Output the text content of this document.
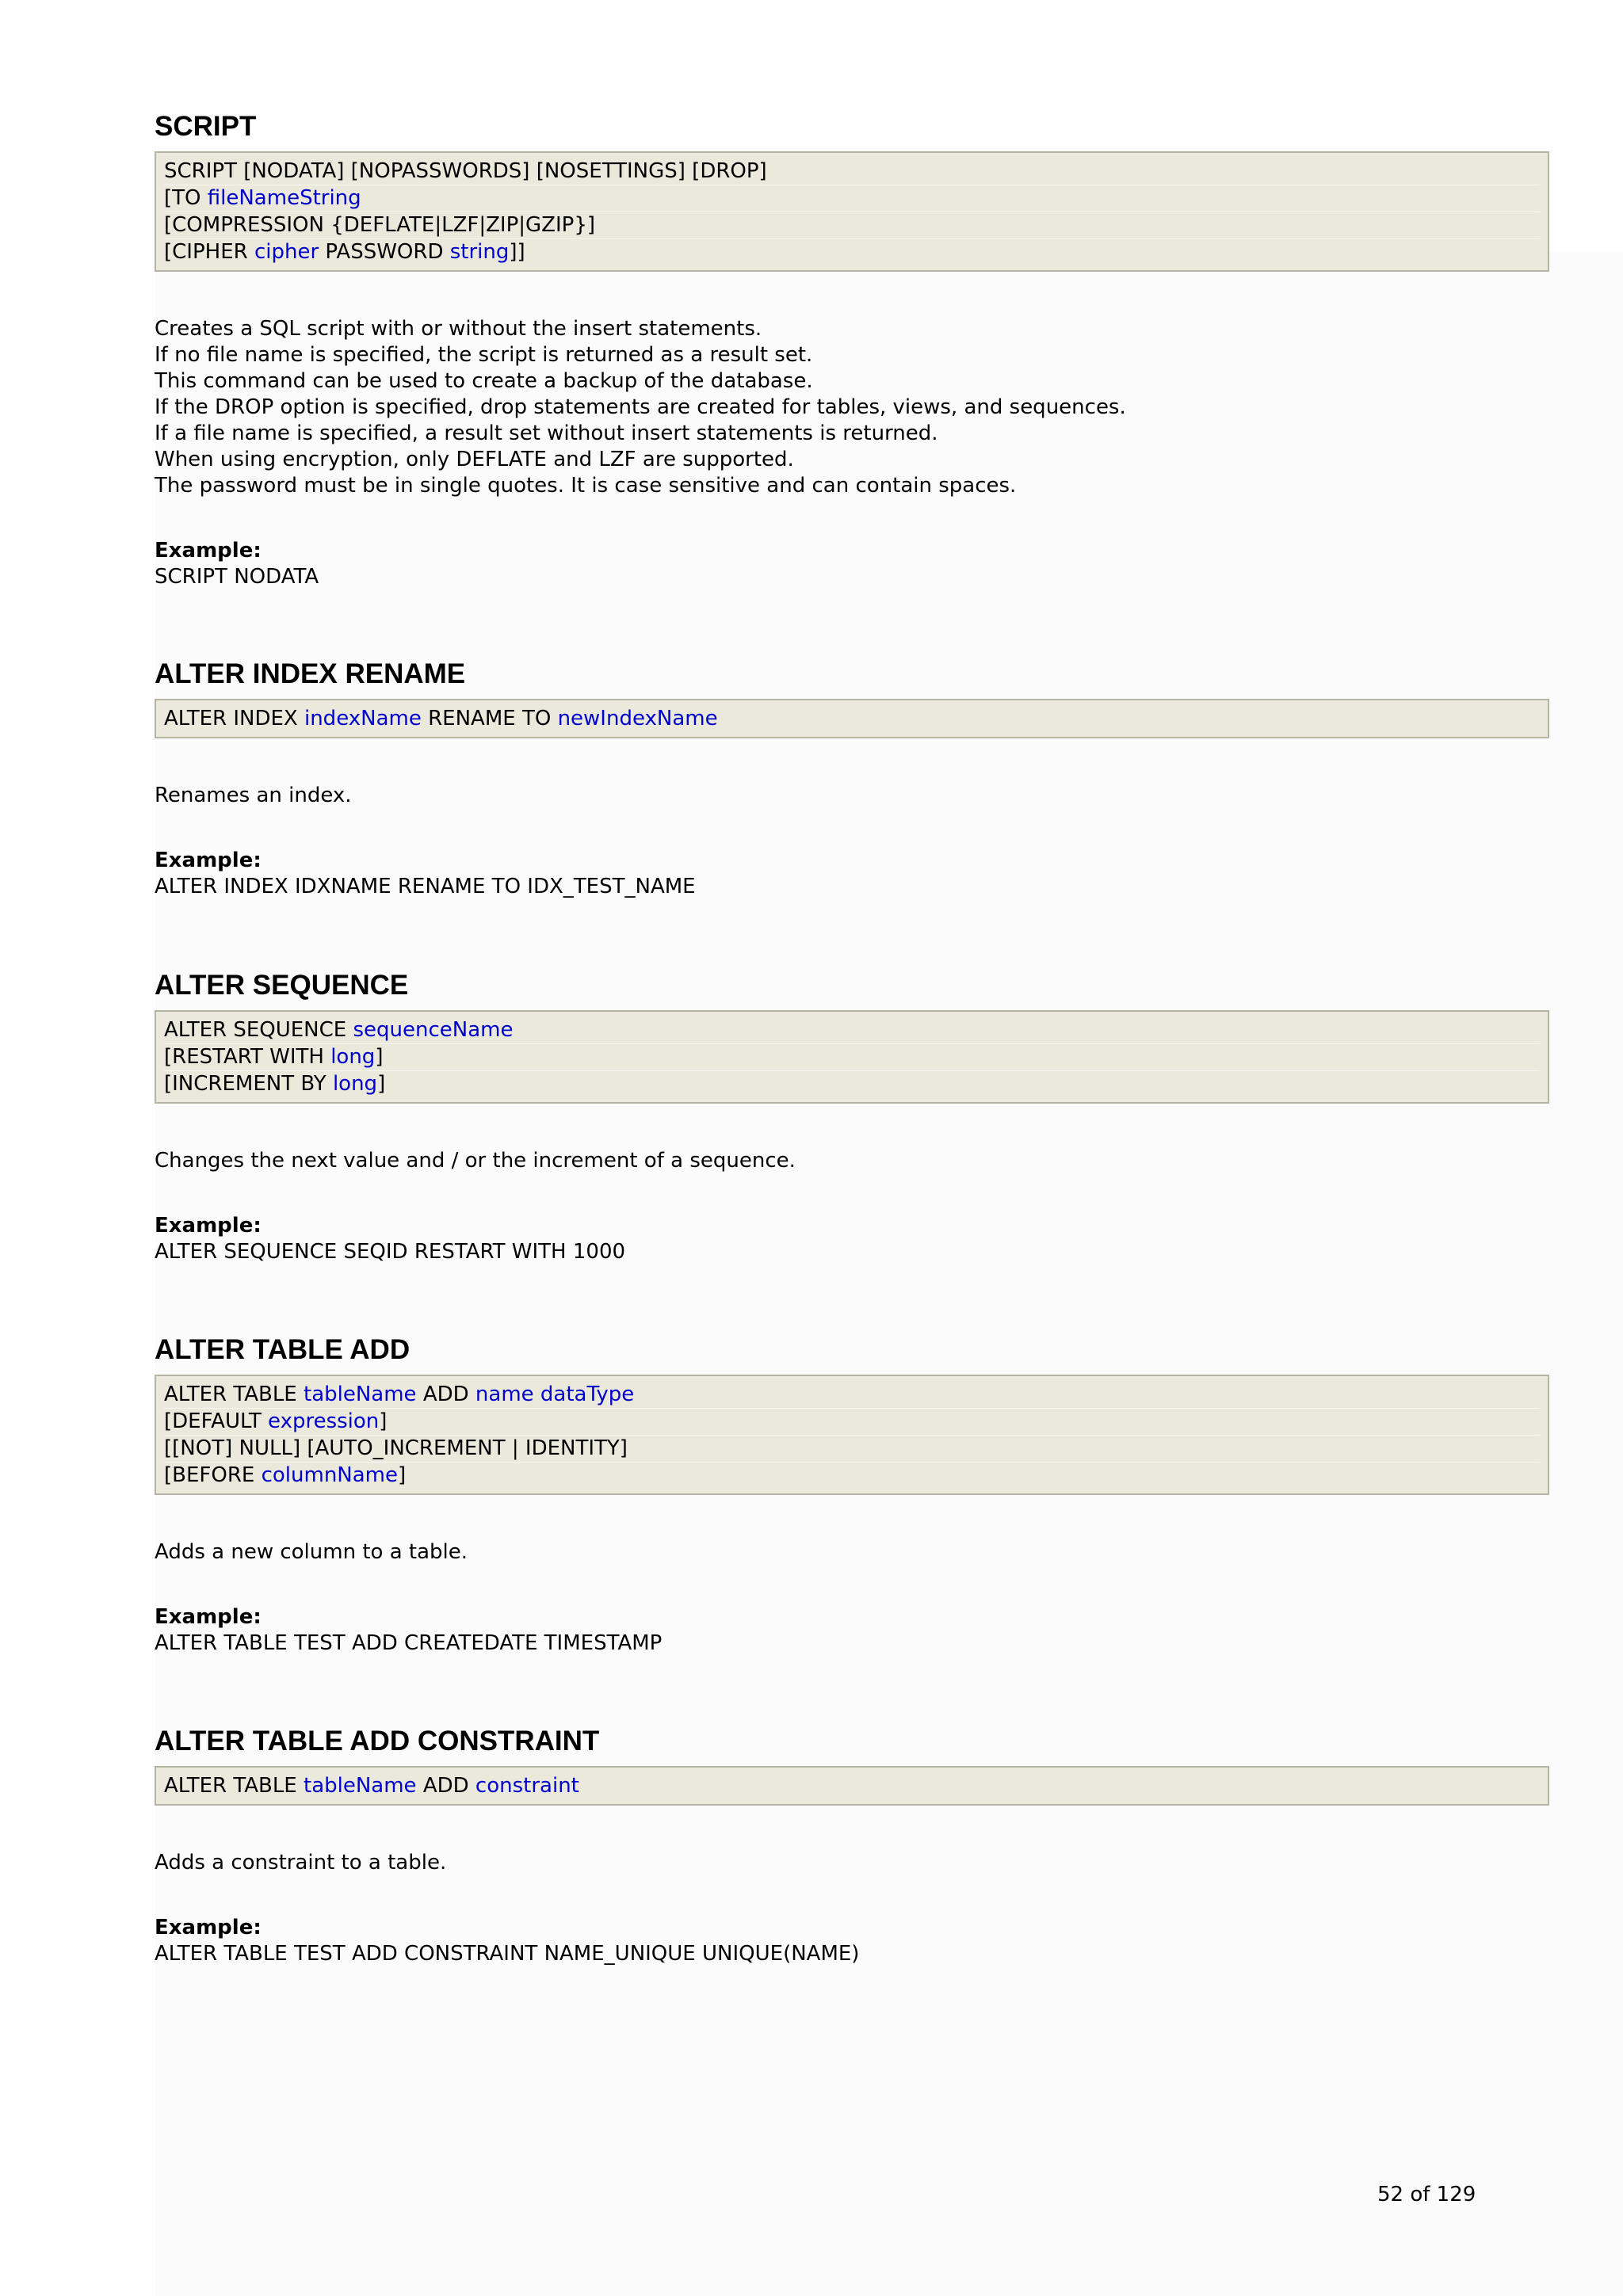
SCRIPT
SCRIPT [NODATA] [NOPASSWORDS] [NOSETTINGS] [DROP]
[TO fileNameString
[COMPRESSION {DEFLATE|LZF|ZIP|GZIP}]
[CIPHER cipher PASSWORD string]]
Creates a SQL script with or without the insert statements.
If no file name is specified, the script is returned as a result set.
This command can be used to create a backup of the database.
If the DROP option is specified, drop statements are created for tables, views, and sequences.
If a file name is specified, a result set without insert statements is returned.
When using encryption, only DEFLATE and LZF are supported.
The password must be in single quotes. It is case sensitive and can contain spaces.
Example:
SCRIPT NODATA
ALTER INDEX RENAME
ALTER INDEX indexName RENAME TO newIndexName
Renames an index.
Example:
ALTER INDEX IDXNAME RENAME TO IDX_TEST_NAME
ALTER SEQUENCE
ALTER SEQUENCE sequenceName
[RESTART WITH long]
[INCREMENT BY long]
Changes the next value and / or the increment of a sequence.
Example:
ALTER SEQUENCE SEQID RESTART WITH 1000
ALTER TABLE ADD
ALTER TABLE tableName ADD name dataType
[DEFAULT expression]
[[NOT] NULL] [AUTO_INCREMENT | IDENTITY]
[BEFORE columnName]
Adds a new column to a table.
Example:
ALTER TABLE TEST ADD CREATEDATE TIMESTAMP
ALTER TABLE ADD CONSTRAINT
ALTER TABLE tableName ADD constraint
Adds a constraint to a table.
Example:
ALTER TABLE TEST ADD CONSTRAINT NAME_UNIQUE UNIQUE(NAME)
52 of 129
